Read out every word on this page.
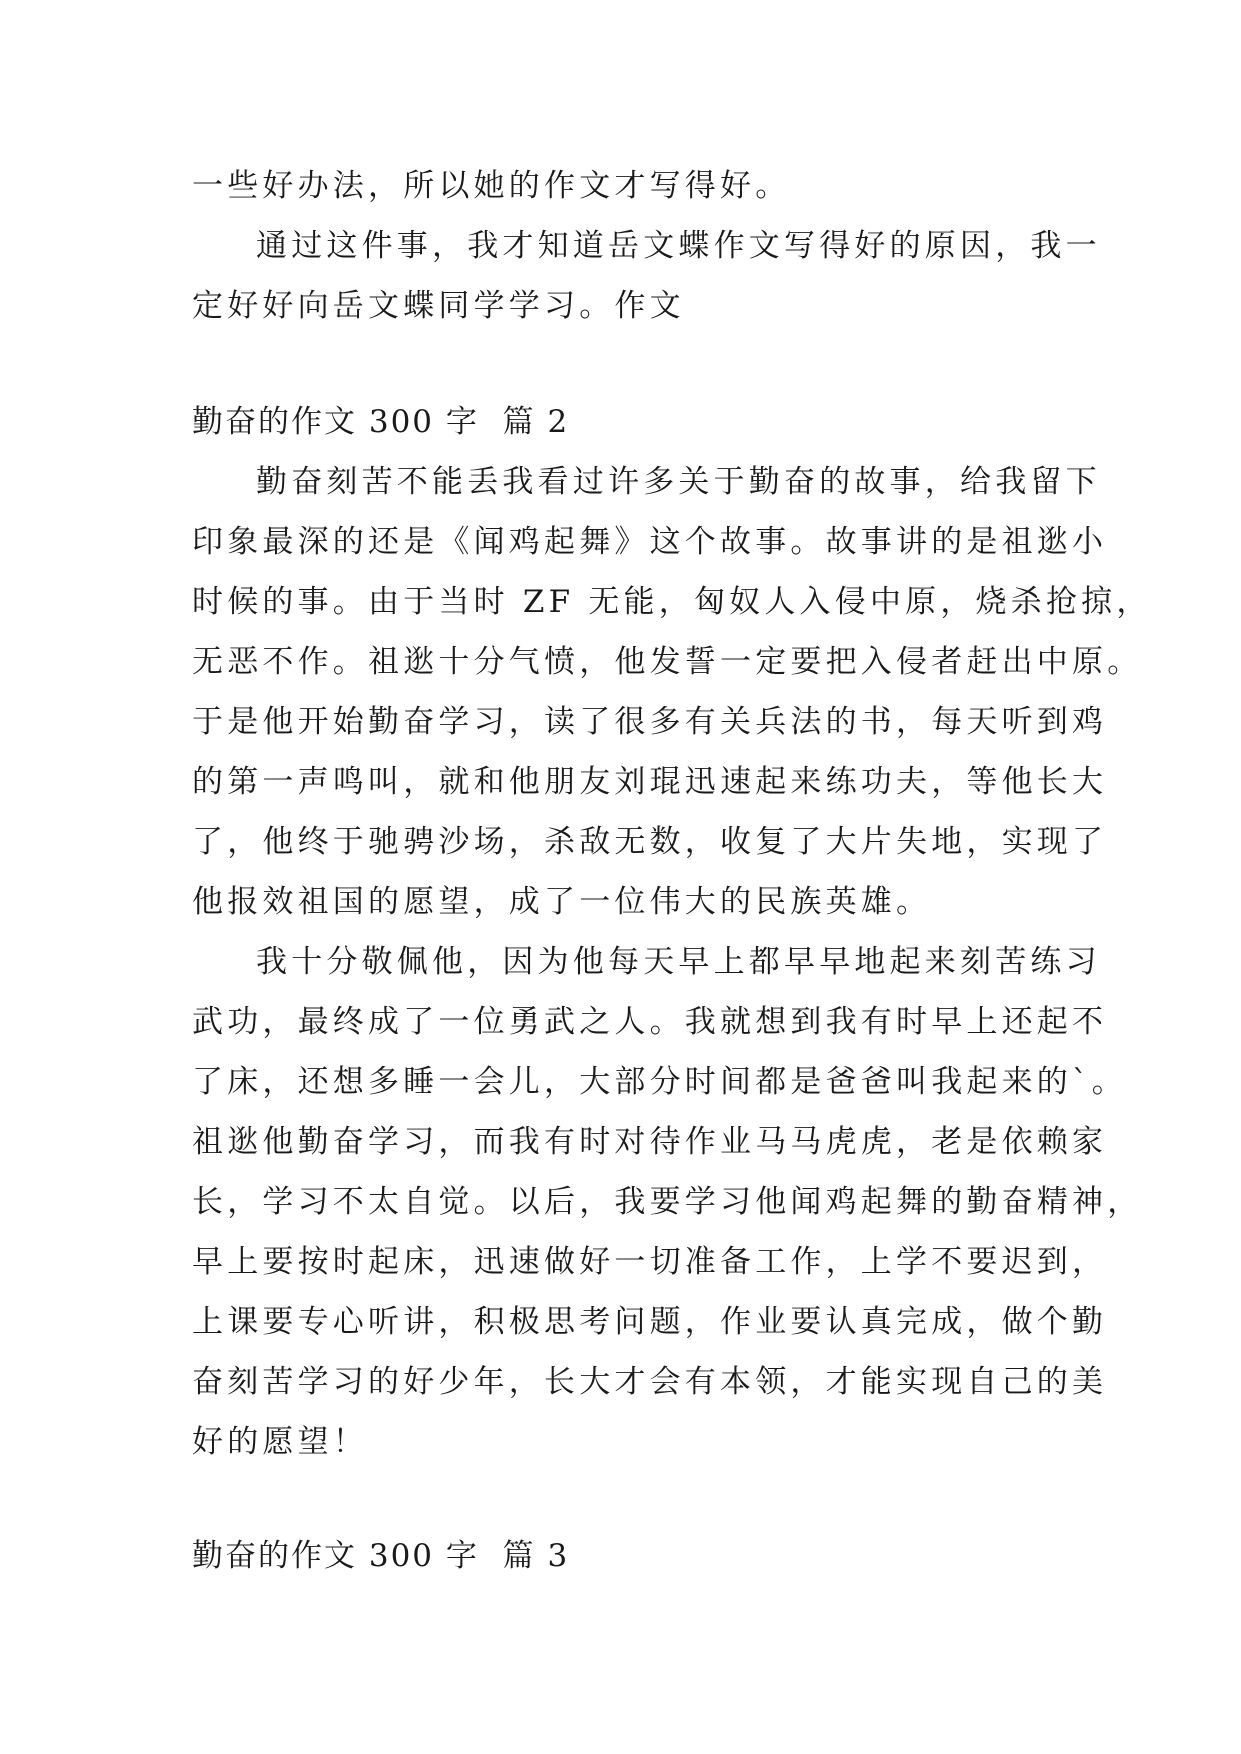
一些好办法，所以她的作文才写得好。
通过这件事，我才知道岳文蝶作文写得好的原因，我一
定好好向岳文蝶同学学习。作文
勤奋的作文 300 字  篇 2
勤奋刻苦不能丢我看过许多关于勤奋的故事，给我留下
印象最深的还是《闻鸡起舞》这个故事。故事讲的是祖逖小
时候的事。由于当时 ZF 无能，匈奴人入侵中原，烧杀抢掠，
无恶不作。祖逖十分气愤，他发誓一定要把入侵者赶出中原。
于是他开始勤奋学习，读了很多有关兵法的书，每天听到鸡
的第一声鸣叫，就和他朋友刘琨迅速起来练功夫，等他长大
了，他终于驰骋沙场，杀敌无数，收复了大片失地，实现了
他报效祖国的愿望，成了一位伟大的民族英雄。
我十分敬佩他，因为他每天早上都早早地起来刻苦练习
武功，最终成了一位勇武之人。我就想到我有时早上还起不
了床，还想多睡一会儿，大部分时间都是爸爸叫我起来的`。
祖逖他勤奋学习，而我有时对待作业马马虎虎，老是依赖家
长，学习不太自觉。以后，我要学习他闻鸡起舞的勤奋精神，
早上要按时起床，迅速做好一切准备工作，上学不要迟到，
上课要专心听讲，积极思考问题，作业要认真完成，做个勤
奋刻苦学习的好少年，长大才会有本领，才能实现自己的美
好的愿望！
勤奋的作文 300 字  篇 3
